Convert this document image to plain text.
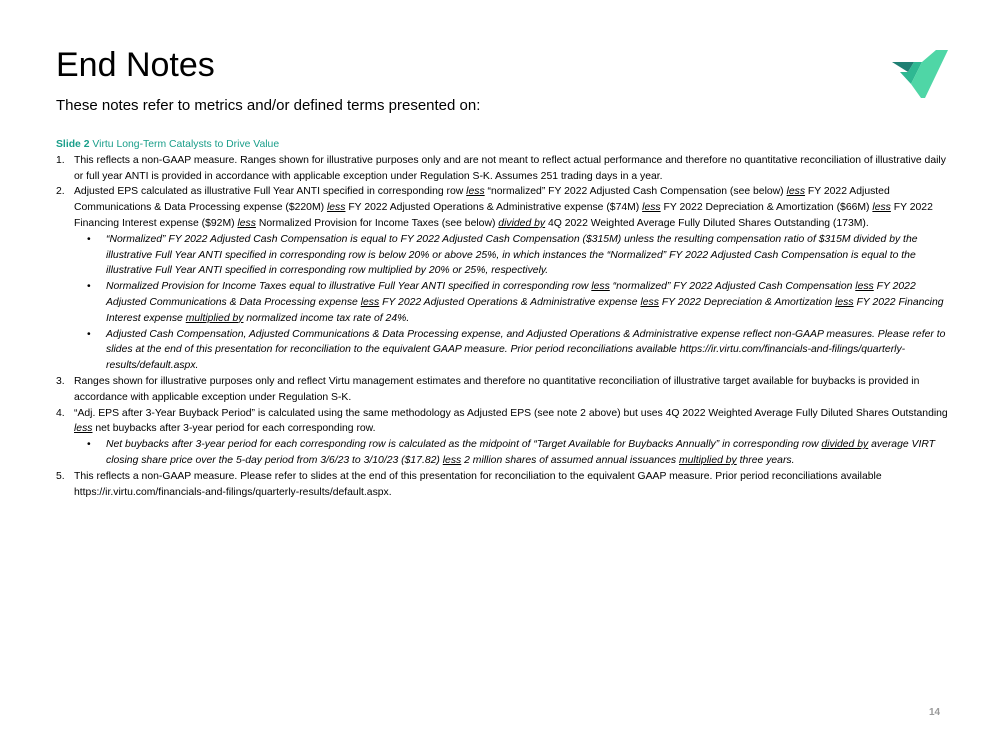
End Notes
These notes refer to metrics and/or defined terms presented on:
Slide 2 Virtu Long-Term Catalysts to Drive Value
1. This reflects a non-GAAP measure. Ranges shown for illustrative purposes only and are not meant to reflect actual performance and therefore no quantitative reconciliation of illustrative daily or full year ANTI is provided in accordance with applicable exception under Regulation S-K. Assumes 251 trading days in a year.
2. Adjusted EPS calculated as illustrative Full Year ANTI specified in corresponding row less “normalized” FY 2022 Adjusted Cash Compensation (see below) less FY 2022 Adjusted Communications & Data Processing expense ($220M) less FY 2022 Adjusted Operations & Administrative expense ($74M) less FY 2022 Depreciation & Amortization ($66M) less FY 2022 Financing Interest expense ($92M) less Normalized Provision for Income Taxes (see below) divided by 4Q 2022 Weighted Average Fully Diluted Shares Outstanding (173M).
• “Normalized” FY 2022 Adjusted Cash Compensation is equal to FY 2022 Adjusted Cash Compensation ($315M) unless the resulting compensation ratio of $315M divided by the illustrative Full Year ANTI specified in corresponding row is below 20% or above 25%, in which instances the “Normalized” FY 2022 Adjusted Cash Compensation is equal to the illustrative Full Year ANTI specified in corresponding row multiplied by 20% or 25%, respectively.
• Normalized Provision for Income Taxes equal to illustrative Full Year ANTI specified in corresponding row less “normalized” FY 2022 Adjusted Cash Compensation less FY 2022 Adjusted Communications & Data Processing expense less FY 2022 Adjusted Operations & Administrative expense less FY 2022 Depreciation & Amortization less FY 2022 Financing Interest expense multiplied by normalized income tax rate of 24%.
• Adjusted Cash Compensation, Adjusted Communications & Data Processing expense, and Adjusted Operations & Administrative expense reflect non-GAAP measures. Please refer to slides at the end of this presentation for reconciliation to the equivalent GAAP measure. Prior period reconciliations available https://ir.virtu.com/financials-and-filings/quarterly-results/default.aspx.
3. Ranges shown for illustrative purposes only and reflect Virtu management estimates and therefore no quantitative reconciliation of illustrative target available for buybacks is provided in accordance with applicable exception under Regulation S-K.
4. “Adj. EPS after 3-Year Buyback Period” is calculated using the same methodology as Adjusted EPS (see note 2 above) but uses 4Q 2022 Weighted Average Fully Diluted Shares Outstanding less net buybacks after 3-year period for each corresponding row.
• Net buybacks after 3-year period for each corresponding row is calculated as the midpoint of “Target Available for Buybacks Annually” in corresponding row divided by average VIRT closing share price over the 5-day period from 3/6/23 to 3/10/23 ($17.82) less 2 million shares of assumed annual issuances multiplied by three years.
5. This reflects a non-GAAP measure. Please refer to slides at the end of this presentation for reconciliation to the equivalent GAAP measure. Prior period reconciliations available https://ir.virtu.com/financials-and-filings/quarterly-results/default.aspx.
14
